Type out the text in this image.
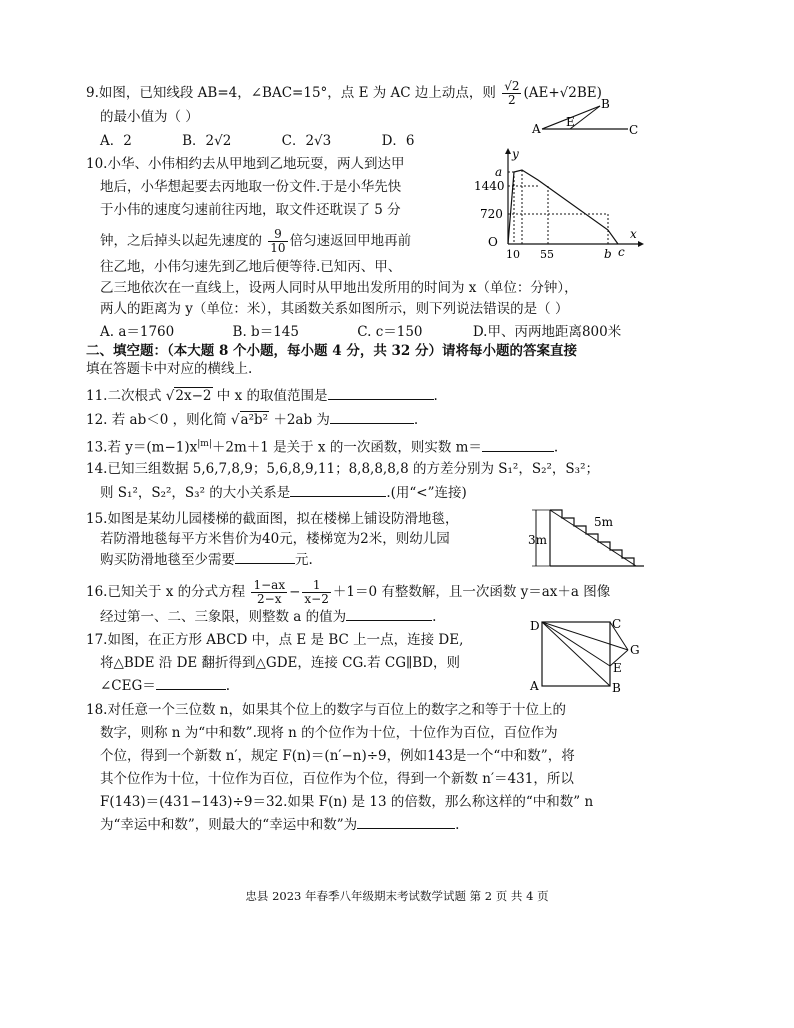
9.如图，已知线段 AB=4，∠BAC=15°，点 E 为 AC 边上动点，则 $\frac{√2}{2} (AE+√2BE)$
的最小值为（ ）
A．2	B．2√2	C．2√3	D．6
A E
B
C
10.小华、小伟相约去从甲地到乙地玩耍，两人到达甲
地后，小华想起要去丙地取一份文件.于是小华先快
于小伟的速度匀速前往丙地，取文件还耽误了 5 分
钟，之后掉头以起先速度的 $\frac{9}{10}$ 倍匀速返回甲地再前
往乙地，小伟匀速先到乙地后便等待.已知丙、甲、
乙三地依次在一直线上，设两人同时从甲地出发所用的时间为 x（单位：分钟），
两人的距离为 y（单位：米），其函数关系如图所示，则下列说法错误的是（ ）
A. a＝1760	B. b＝145	C. c＝150	D.甲、丙两地距离800米
y
x
a
1440
720
O
10 55	b c
二、填空题：（本大题 8 个小题，每小题 4 分，共 32 分）请将每小题的答案直接
填在答题卡中对应的横线上.
11.二次根式 √2x−2 中 x 的取值范围是	.
12. 若 ab＜0 ，则化简 √a²b² ＋2ab 为	.
13.若 $y=(m-1)x^{|m|}+2m+1$ 是关于 x 的一次函数，则实数 m＝	.
14.已知三组数据 5,6,7,8,9；5,6,8,9,11；8,8,8,8,8 的方差分别为 S₁²，S₂²，S₃²；
则 S₁²，S₂²，S₃² 的大小关系是	.(用“<”连接)
15.如图是某幼儿园楼梯的截面图，拟在楼梯上铺设防滑地毯，
若防滑地毯每平方米售价为40元，楼梯宽为2米，则幼儿园
购买防滑地毯至少需要	元.
5m
3m
16.已知关于 x 的分式方程 $\frac{1-ax}{2-x} - \frac{1}{x-2} +1=0$ 有整数解，且一次函数 y＝ax＋a 图像
经过第一、二、三象限，则整数 a 的值为	.
17.如图，在正方形 ABCD 中，点 E 是 BC 上一点，连接 DE,
将△BDE 沿 DE 翻折得到△GDE，连接 CG.若 CG∥BD，则
∠CEG＝	.
D	C
G
E
A	B
18.对任意一个三位数 n，如果其个位上的数字与百位上的数字之和等于十位上的
数字，则称 n 为“中和数”.现将 n 的个位作为十位，十位作为百位，百位作为
个位，得到一个新数 n′，规定 F(n)＝(n′−n)÷9，例如143是一个“中和数”，将
其个位作为十位，十位作为百位，百位作为个位，得到一个新数 n′＝431，所以
F(143)＝(431−143)÷9＝32.如果 F(n) 是 13 的倍数，那么称这样的“中和数” n
为“幸运中和数”，则最大的“幸运中和数”为	.
忠县 2023 年春季八年级期末考试数学试题 第 2 页 共 4 页
